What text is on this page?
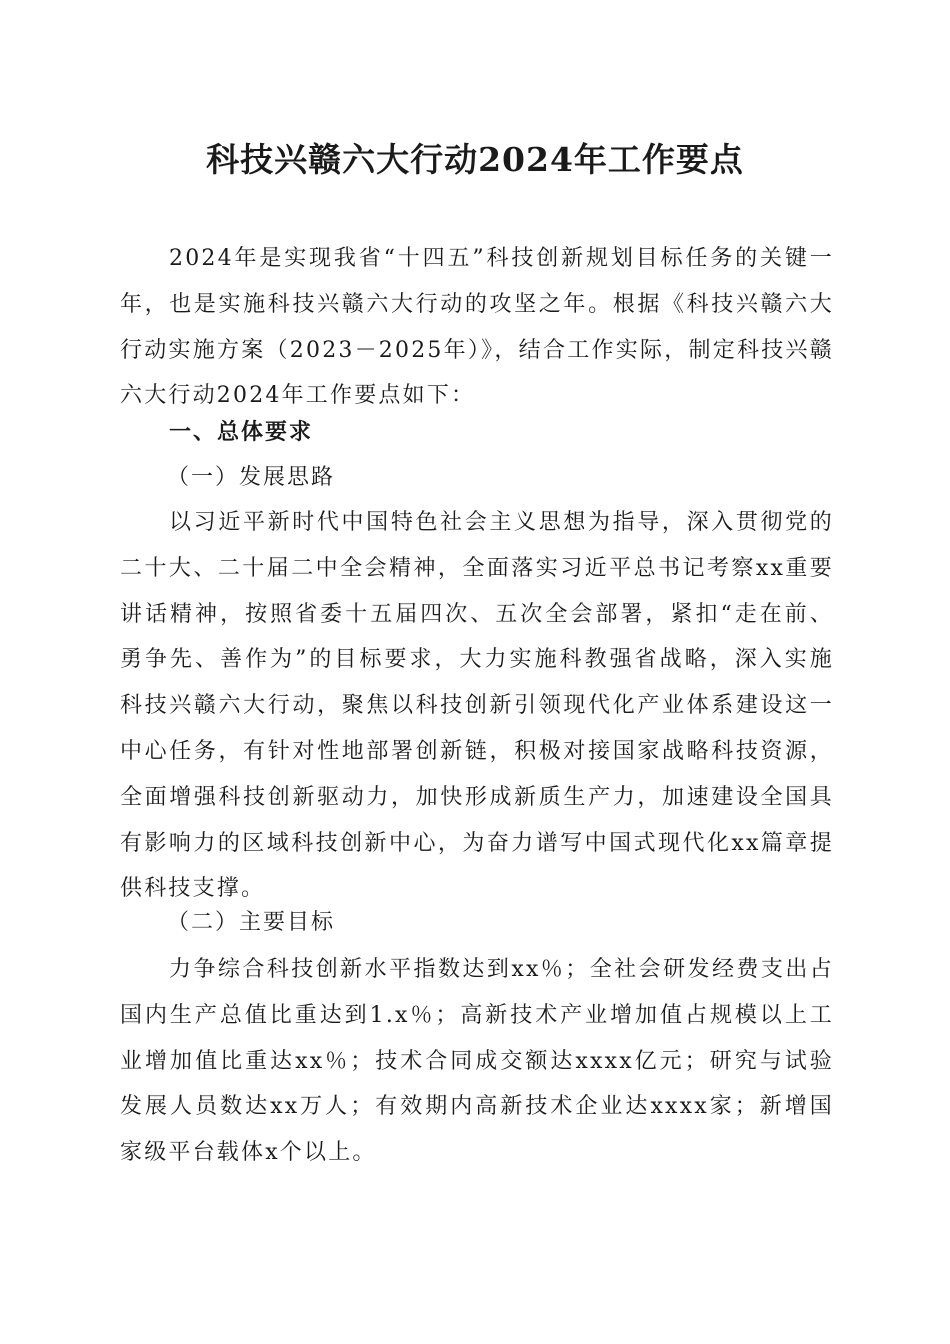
科技兴赣六大行动2024年工作要点

2024年是实现我省“十四五”科技创新规划目标任务的关键一年，也是实施科技兴赣六大行动的攻坚之年。根据《科技兴赣六大行动实施方案（2023－2025年）》，结合工作实际，制定科技兴赣六大行动2024年工作要点如下：

一、总体要求

（一）发展思路

以习近平新时代中国特色社会主义思想为指导，深入贯彻党的二十大、二十届二中全会精神，全面落实习近平总书记考察xx重要讲话精神，按照省委十五届四次、五次全会部署，紧扣“走在前、勇争先、善作为”的目标要求，大力实施科教强省战略，深入实施科技兴赣六大行动，聚焦以科技创新引领现代化产业体系建设这一中心任务，有针对性地部署创新链，积极对接国家战略科技资源，全面增强科技创新驱动力，加快形成新质生产力，加速建设全国具有影响力的区域科技创新中心，为奋力谱写中国式现代化xx篇章提供科技支撑。

（二）主要目标

力争综合科技创新水平指数达到xx％；全社会研发经费支出占国内生产总值比重达到1.x％；高新技术产业增加值占规模以上工业增加值比重达xx％；技术合同成交额达xxxx亿元；研究与试验发展人员数达xx万人；有效期内高新技术企业达xxxx家；新增国家级平台载体x个以上。
